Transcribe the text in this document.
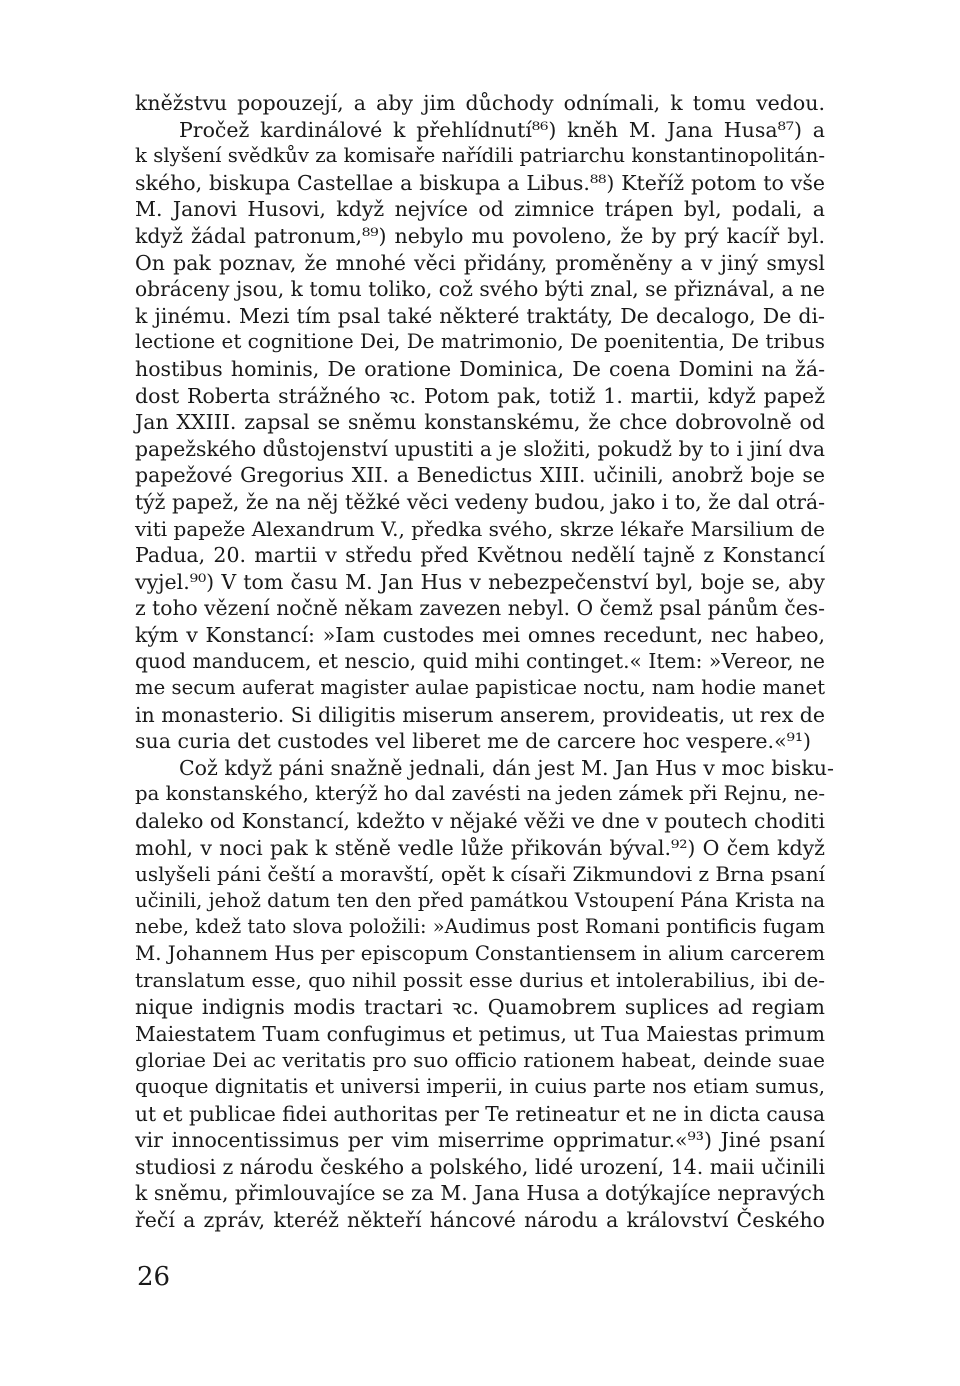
kněžstvu popouzejí, a aby jim důchody odnímali, k tomu vedou.
Pročež kardinálové k přehlídnutí⁸⁶) kněh M. Jana Husa⁸⁷) a
k slyšení svědkův za komisaře nařídili patriarchu konstantinopolitán-
ského, biskupa Castellae a biskupa a Libus.⁸⁸) Kteříž potom to vše
M. Janovi Husovi, když nejvíce od zimnice trápen byl, podali, a
když žádal patronum,⁸⁹) nebylo mu povoleno, že by prý kacíř byl.
On pak poznav, že mnohé věci přidány, proměněny a v jiný smysl
obráceny jsou, k tomu toliko, což svého býti znal, se přiznával, a ne
k jinému. Mezi tím psal také některé traktáty, De decalogo, De di-
lectione et cognitione Dei, De matrimonio, De poenitentia, De tribus
hostibus hominis, De oratione Dominica, De coena Domini na žá-
dost Roberta strážného ꝛc. Potom pak, totiž 1. martii, když papež
Jan XXIII. zapsal se sněmu konstanskému, že chce dobrovolně od
papežského důstojenství upustiti a je složiti, pokudž by to i jiní dva
papežové Gregorius XII. a Benedictus XIII. učinili, anobrž boje se
týž papež, že na něj těžké věci vedeny budou, jako i to, že dal otrá-
viti papeže Alexandrum V., předka svého, skrze lékaře Marsilium de
Padua, 20. martii v středu před Květnou nedělí tajně z Konstancí
vyjel.⁹⁰) V tom času M. Jan Hus v nebezpečenství byl, boje se, aby
z toho vězení nočně někam zavezen nebyl. O čemž psal pánům čes-
kým v Konstancí: »Iam custodes mei omnes recedunt, nec habeo,
quod manducem, et nescio, quid mihi continget.« Item: »Vereor, ne
me secum auferat magister aulae papisticae noctu, nam hodie manet
in monasterio. Si diligitis miserum anserem, provideatis, ut rex de
sua curia det custodes vel liberet me de carcere hoc vespere.«⁹¹)
Což když páni snažně jednali, dán jest M. Jan Hus v moc bisku-
pa konstanského, kterýž ho dal zavésti na jeden zámek při Rejnu, ne-
daleko od Konstancí, kdežto v nějaké věži ve dne v poutech choditi
mohl, v noci pak k stěně vedle lůže přikován býval.⁹²) O čem když
uslyšeli páni čeští a moravští, opět k císaři Zikmundovi z Brna psaní
učinili, jehož datum ten den před památkou Vstoupení Pána Krista na
nebe, kdež tato slova položili: »Audimus post Romani pontificis fugam
M. Johannem Hus per episcopum Constantiensem in alium carcerem
translatum esse, quo nihil possit esse durius et intolerabilius, ibi de-
nique indignis modis tractari ꝛc. Quamobrem suplices ad regiam
Maiestatem Tuam confugimus et petimus, ut Tua Maiestas primum
gloriae Dei ac veritatis pro suo officio rationem habeat, deinde suae
quoque dignitatis et universi imperii, in cuius parte nos etiam sumus,
ut et publicae fidei authoritas per Te retineatur et ne in dicta causa
vir innocentissimus per vim miserrime opprimatur.«⁹³) Jiné psaní
studiosi z národu českého a polského, lidé urození, 14. maii učinili
k sněmu, přimlouvajíce se za M. Jana Husa a dotýkajíce nepravých
řečí a zpráv, kteréž někteří háncové národu a království Českého
26
